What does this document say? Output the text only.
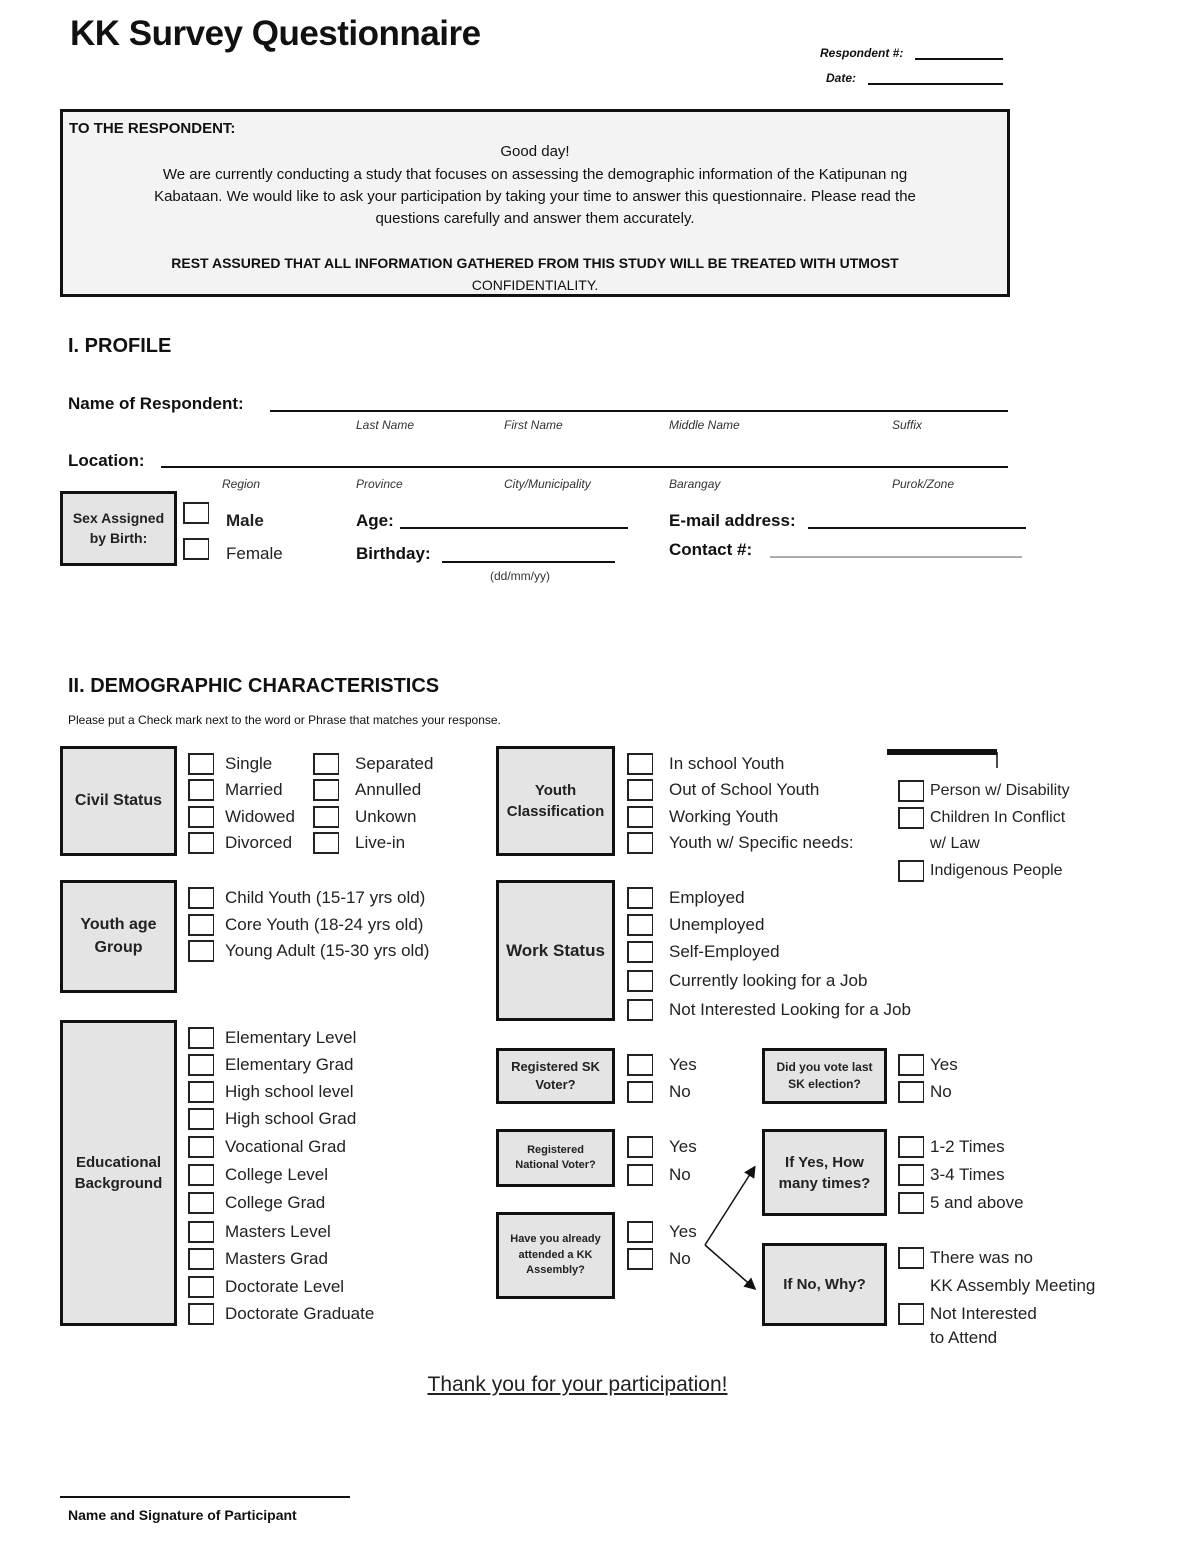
KK Survey Questionnaire	Respondent #:
Date:
TO THE RESPONDENT:
Good day!
We are currently conducting a study that focuses on assessing the demographic information of the Katipunan ng
Kabataan. We would like to ask your participation by taking your time to answer this questionnaire. Please read the
questions carefully and answer them accurately.
REST ASSURED THAT ALL INFORMATION GATHERED FROM THIS STUDY WILL BE TREATED WITH UTMOST
CONFIDENTIALITY.
I. PROFILE
Name of Respondent:
Last Name	First Name	Middle Name	Suffix
Location:
Region	Province	City/Municipality	Barangay	Purok/Zone
Sex Assigned by Birth:
Male
Female
Age:
Birthday:
(dd/mm/yy)
E-mail address:
Contact #:
II. DEMOGRAPHIC CHARACTERISTICS
Please put a Check mark next to the word or Phrase that matches your response.
Civil Status
Single
Married
Widowed
Divorced
Separated
Annulled
Unkown
Live-in
Youth age Group
Child Youth (15-17 yrs old)
Core Youth (18-24 yrs old)
Young Adult (15-30 yrs old)
Educational Background
Elementary Level
Elementary Grad
High school level
High school Grad
Vocational Grad
College Level
College Grad
Masters Level
Masters Grad
Doctorate Level
Doctorate Graduate
Youth Classification
In school Youth
Out of School Youth
Working Youth
Youth w/ Specific needs:
Person w/ Disability
Children In Conflict
w/ Law
Indigenous People
Work Status
Employed
Unemployed
Self-Employed
Currently looking for a Job
Not Interested Looking for a Job
Registered SK Voter?
Yes
No
Registered National Voter?
Yes
No
Have you already attended a KK Assembly?
Yes
No
Did you vote last SK election?
Yes
No
If Yes, How many times?
1-2 Times
3-4 Times
5 and above
If No, Why?
There was no
KK Assembly Meeting
Not Interested
to Attend
Thank you for your participation!
Name and Signature of Participant
